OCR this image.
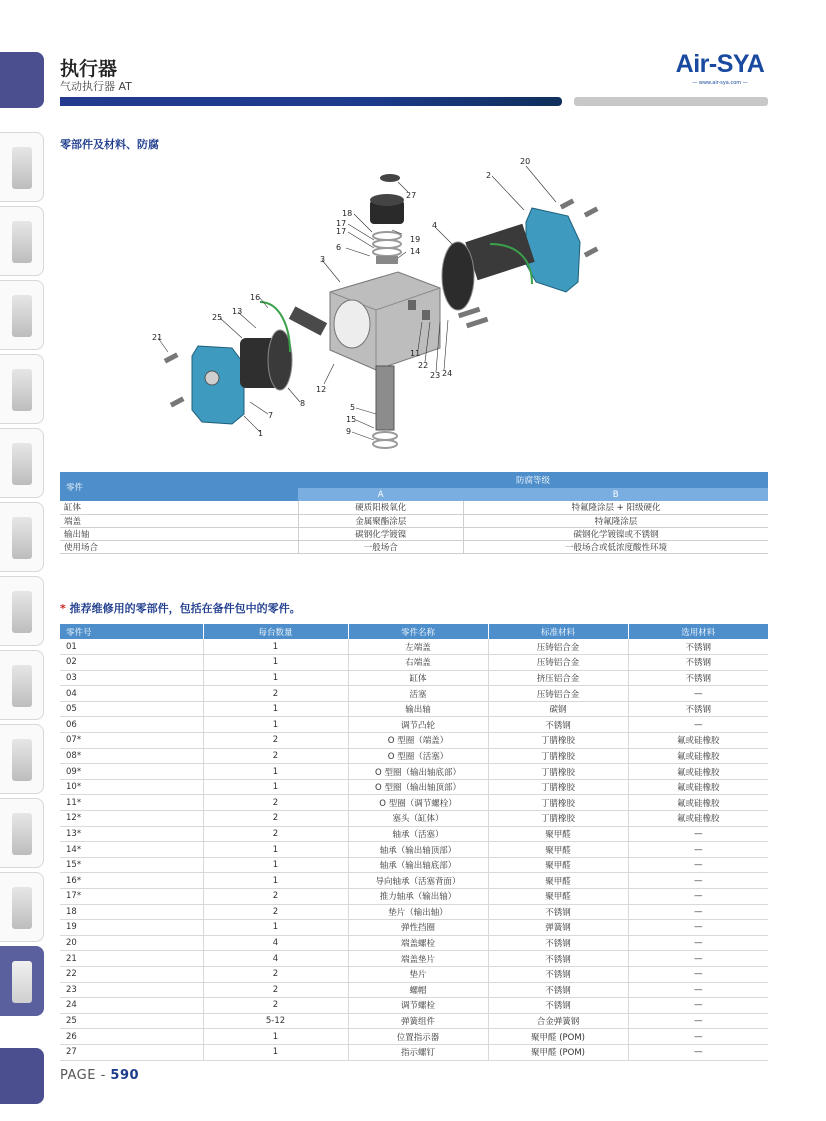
执行器
气动执行器 AT
Air-SYA
— www.air-sya.com —
零部件及材料、防腐
20
2
27
18
17
17
19
4
6	14
3
16
25
13
21
11
22
23 24
12
8
7
1
5
15
9
零件	防腐等级	
	A	B
缸体	硬质阳极氧化	特氟隆涂层 + 阳级硬化
端盖	金属聚酯涂层	特氟隆涂层
输出轴	碳钢化学镀镍	碳钢化学镀镍或不锈钢
使用场合	一般场合	一般场合或低浓度酸性环境
* 推荐维修用的零部件，包括在备件包中的零件。
零件号	每台数量	零件名称	标准材料	选用材料
01	1	左端盖	压铸铝合金	不锈钢
02	1	右端盖	压铸铝合金	不锈钢
03	1	缸体	挤压铝合金	不锈钢
04	2	活塞	压铸铝合金	—
05	1	输出轴	碳钢	不锈钢
06	1	调节凸轮	不锈钢	—
07*	2	O 型圈（端盖）	丁腈橡胶	氟或硅橡胶
08*	2	O 型圈（活塞）	丁腈橡胶	氟或硅橡胶
09*	1	O 型圈（输出轴底部）	丁腈橡胶	氟或硅橡胶
10*	1	O 型圈（输出轴顶部）	丁腈橡胶	氟或硅橡胶
11*	2	O 型圈（调节螺栓）	丁腈橡胶	氟或硅橡胶
12*	2	塞头（缸体）	丁腈橡胶	氟或硅橡胶
13*	2	轴承（活塞）	聚甲醛	—
14*	1	轴承（输出轴顶部）	聚甲醛	—
15*	1	轴承（输出轴底部）	聚甲醛	—
16*	1	导向轴承（活塞背面）	聚甲醛	—
17*	2	推力轴承（输出轴）	聚甲醛	—
18	2	垫片（输出轴）	不锈钢	—
19	1	弹性挡圈	弹簧钢	—
20	4	端盖螺栓	不锈钢	—
21	4	端盖垫片	不锈钢	—
22	2	垫片	不锈钢	—
23	2	螺帽	不锈钢	—
24	2	调节螺栓	不锈钢	—
25	5-12	弹簧组件	合金弹簧钢	—
26	1	位置指示器	聚甲醛 (POM)	—
27	1	指示螺钉	聚甲醛 (POM)	—
PAGE - 590
